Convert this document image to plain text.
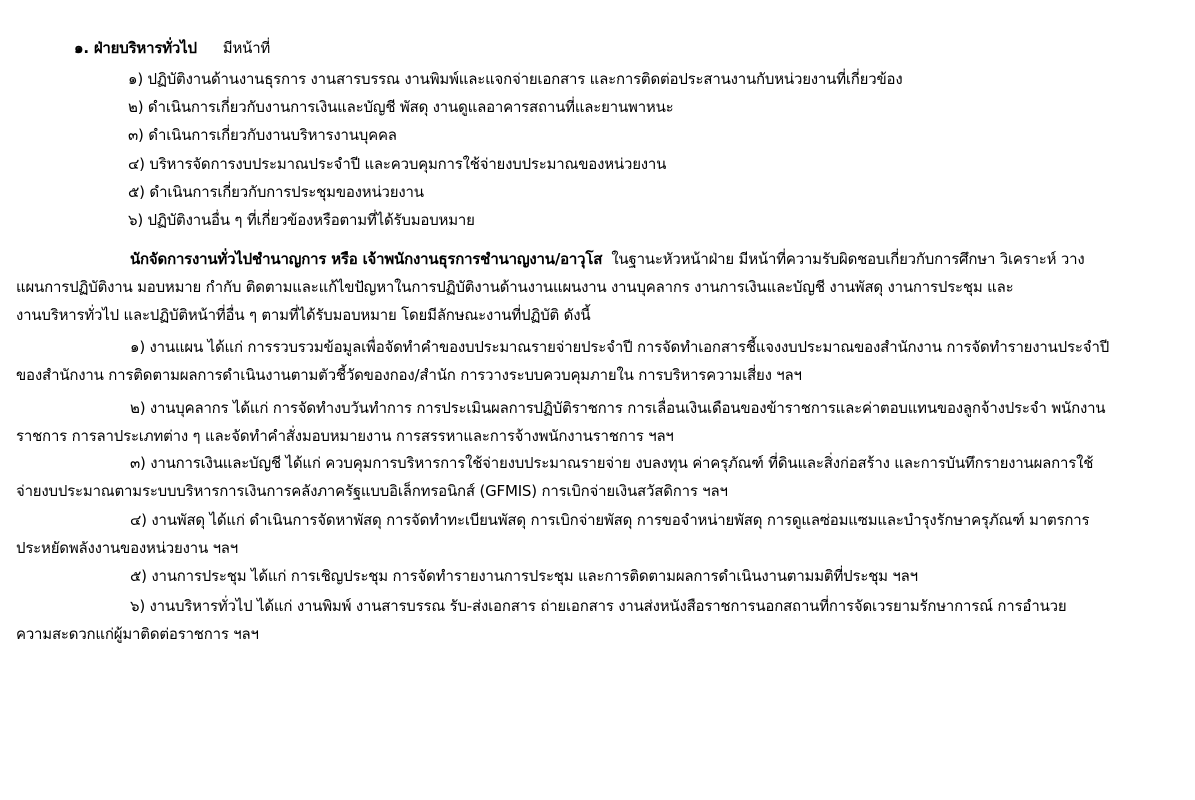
๑. ฝ่ายบริหารทั่วไป มีหน้าที่
๑) ปฏิบัติงานด้านงานธุรการ งานสารบรรณ งานพิมพ์และแจกจ่ายเอกสาร และการติดต่อประสานงานกับหน่วยงานที่เกี่ยวข้อง
๒) ดำเนินการเกี่ยวกับงานการเงินและบัญชี พัสดุ งานดูแลอาคารสถานที่และยานพาหนะ
๓) ดำเนินการเกี่ยวกับงานบริหารงานบุคคล
๔) บริหารจัดการงบประมาณประจำปี และควบคุมการใช้จ่ายงบประมาณของหน่วยงาน
๕) ดำเนินการเกี่ยวกับการประชุมของหน่วยงาน
๖) ปฏิบัติงานอื่น ๆ ที่เกี่ยวข้องหรือตามที่ได้รับมอบหมาย
นักจัดการงานทั่วไปชำนาญการ หรือ เจ้าพนักงานธุรการชำนาญงาน/อาวุโส ในฐานะหัวหน้าฝ่าย มีหน้าที่ความรับผิดชอบเกี่ยวกับการศึกษา วิเคราะห์ วาง
แผนการปฏิบัติงาน มอบหมาย กำกับ ติดตามและแก้ไขปัญหาในการปฏิบัติงานด้านงานแผนงาน งานบุคลากร งานการเงินและบัญชี งานพัสดุ งานการประชุม และ
งานบริหารทั่วไป และปฏิบัติหน้าที่อื่น ๆ ตามที่ได้รับมอบหมาย โดยมีลักษณะงานที่ปฏิบัติ ดังนี้
๑) งานแผน ได้แก่ การรวบรวมข้อมูลเพื่อจัดทำคำของบประมาณรายจ่ายประจำปี การจัดทำเอกสารชี้แจงงบประมาณของสำนักงาน การจัดทำรายงานประจำปี
ของสำนักงาน การติดตามผลการดำเนินงานตามตัวชี้วัดของกอง/สำนัก การวางระบบควบคุมภายใน การบริหารความเสี่ยง ฯลฯ
๒) งานบุคลากร ได้แก่ การจัดทำงบวันทำการ การประเมินผลการปฏิบัติราชการ การเลื่อนเงินเดือนของข้าราชการและค่าตอบแทนของลูกจ้างประจำ พนักงาน
ราชการ การลาประเภทต่าง ๆ และจัดทำคำสั่งมอบหมายงาน การสรรหาและการจ้างพนักงานราชการ ฯลฯ
๓) งานการเงินและบัญชี ได้แก่ ควบคุมการบริหารการใช้จ่ายงบประมาณรายจ่าย งบลงทุน ค่าครุภัณฑ์ ที่ดินและสิ่งก่อสร้าง และการบันทึกรายงานผลการใช้
จ่ายงบประมาณตามระบบบริหารการเงินการคลังภาครัฐแบบอิเล็กทรอนิกส์ (GFMIS) การเบิกจ่ายเงินสวัสดิการ ฯลฯ
๔) งานพัสดุ ได้แก่ ดำเนินการจัดหาพัสดุ การจัดทำทะเบียนพัสดุ การเบิกจ่ายพัสดุ การขอจำหน่ายพัสดุ การดูแลซ่อมแซมและบำรุงรักษาครุภัณฑ์ มาตรการ
ประหยัดพลังงานของหน่วยงาน ฯลฯ
๕) งานการประชุม ได้แก่ การเชิญประชุม การจัดทำรายงานการประชุม และการติดตามผลการดำเนินงานตามมติที่ประชุม ฯลฯ
๖) งานบริหารทั่วไป ได้แก่ งานพิมพ์ งานสารบรรณ รับ-ส่งเอกสาร ถ่ายเอกสาร งานส่งหนังสือราชการนอกสถานที่การจัดเวรยามรักษาการณ์ การอำนวย
ความสะดวกแก่ผู้มาติดต่อราชการ ฯลฯ
